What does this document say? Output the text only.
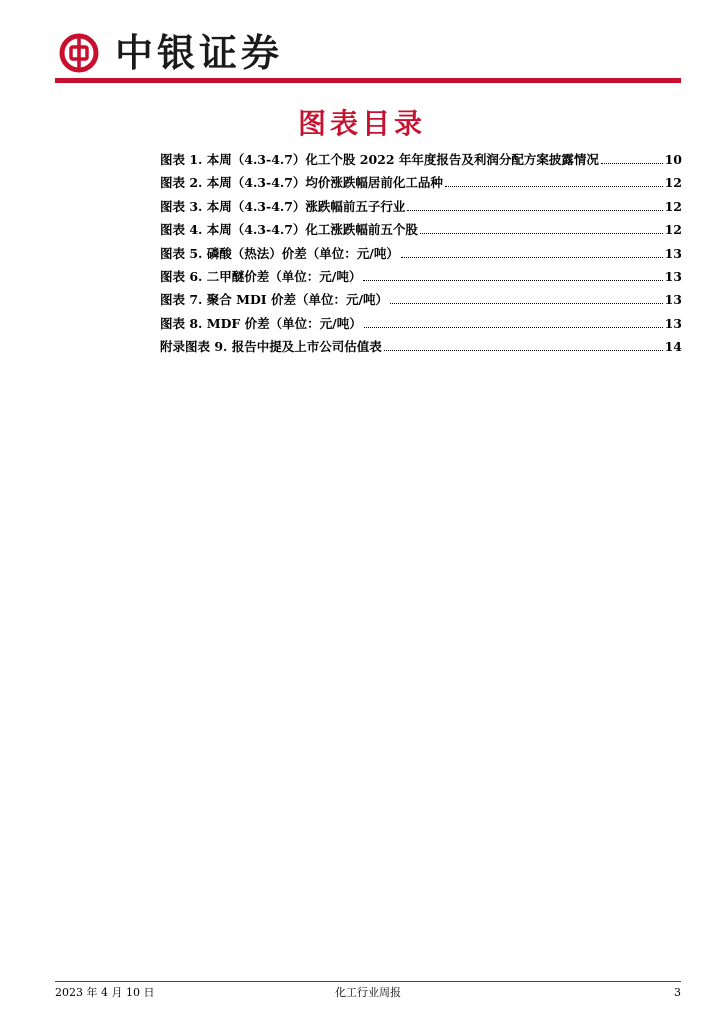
中银证券
图表目录
图表 1. 本周（4.3-4.7）化工个股 2022 年年度报告及利润分配方案披露情况	10
图表 2. 本周（4.3-4.7）均价涨跌幅居前化工品种	12
图表 3. 本周（4.3-4.7）涨跌幅前五子行业	12
图表 4. 本周（4.3-4.7）化工涨跌幅前五个股	12
图表 5. 磷酸（热法）价差（单位：元/吨）	13
图表 6. 二甲醚价差（单位：元/吨）	13
图表 7. 聚合 MDI 价差（单位：元/吨）	13
图表 8. MDF 价差（单位：元/吨）	13
附录图表 9. 报告中提及上市公司估值表	14
2023 年 4 月 10 日	化工行业周报	3
